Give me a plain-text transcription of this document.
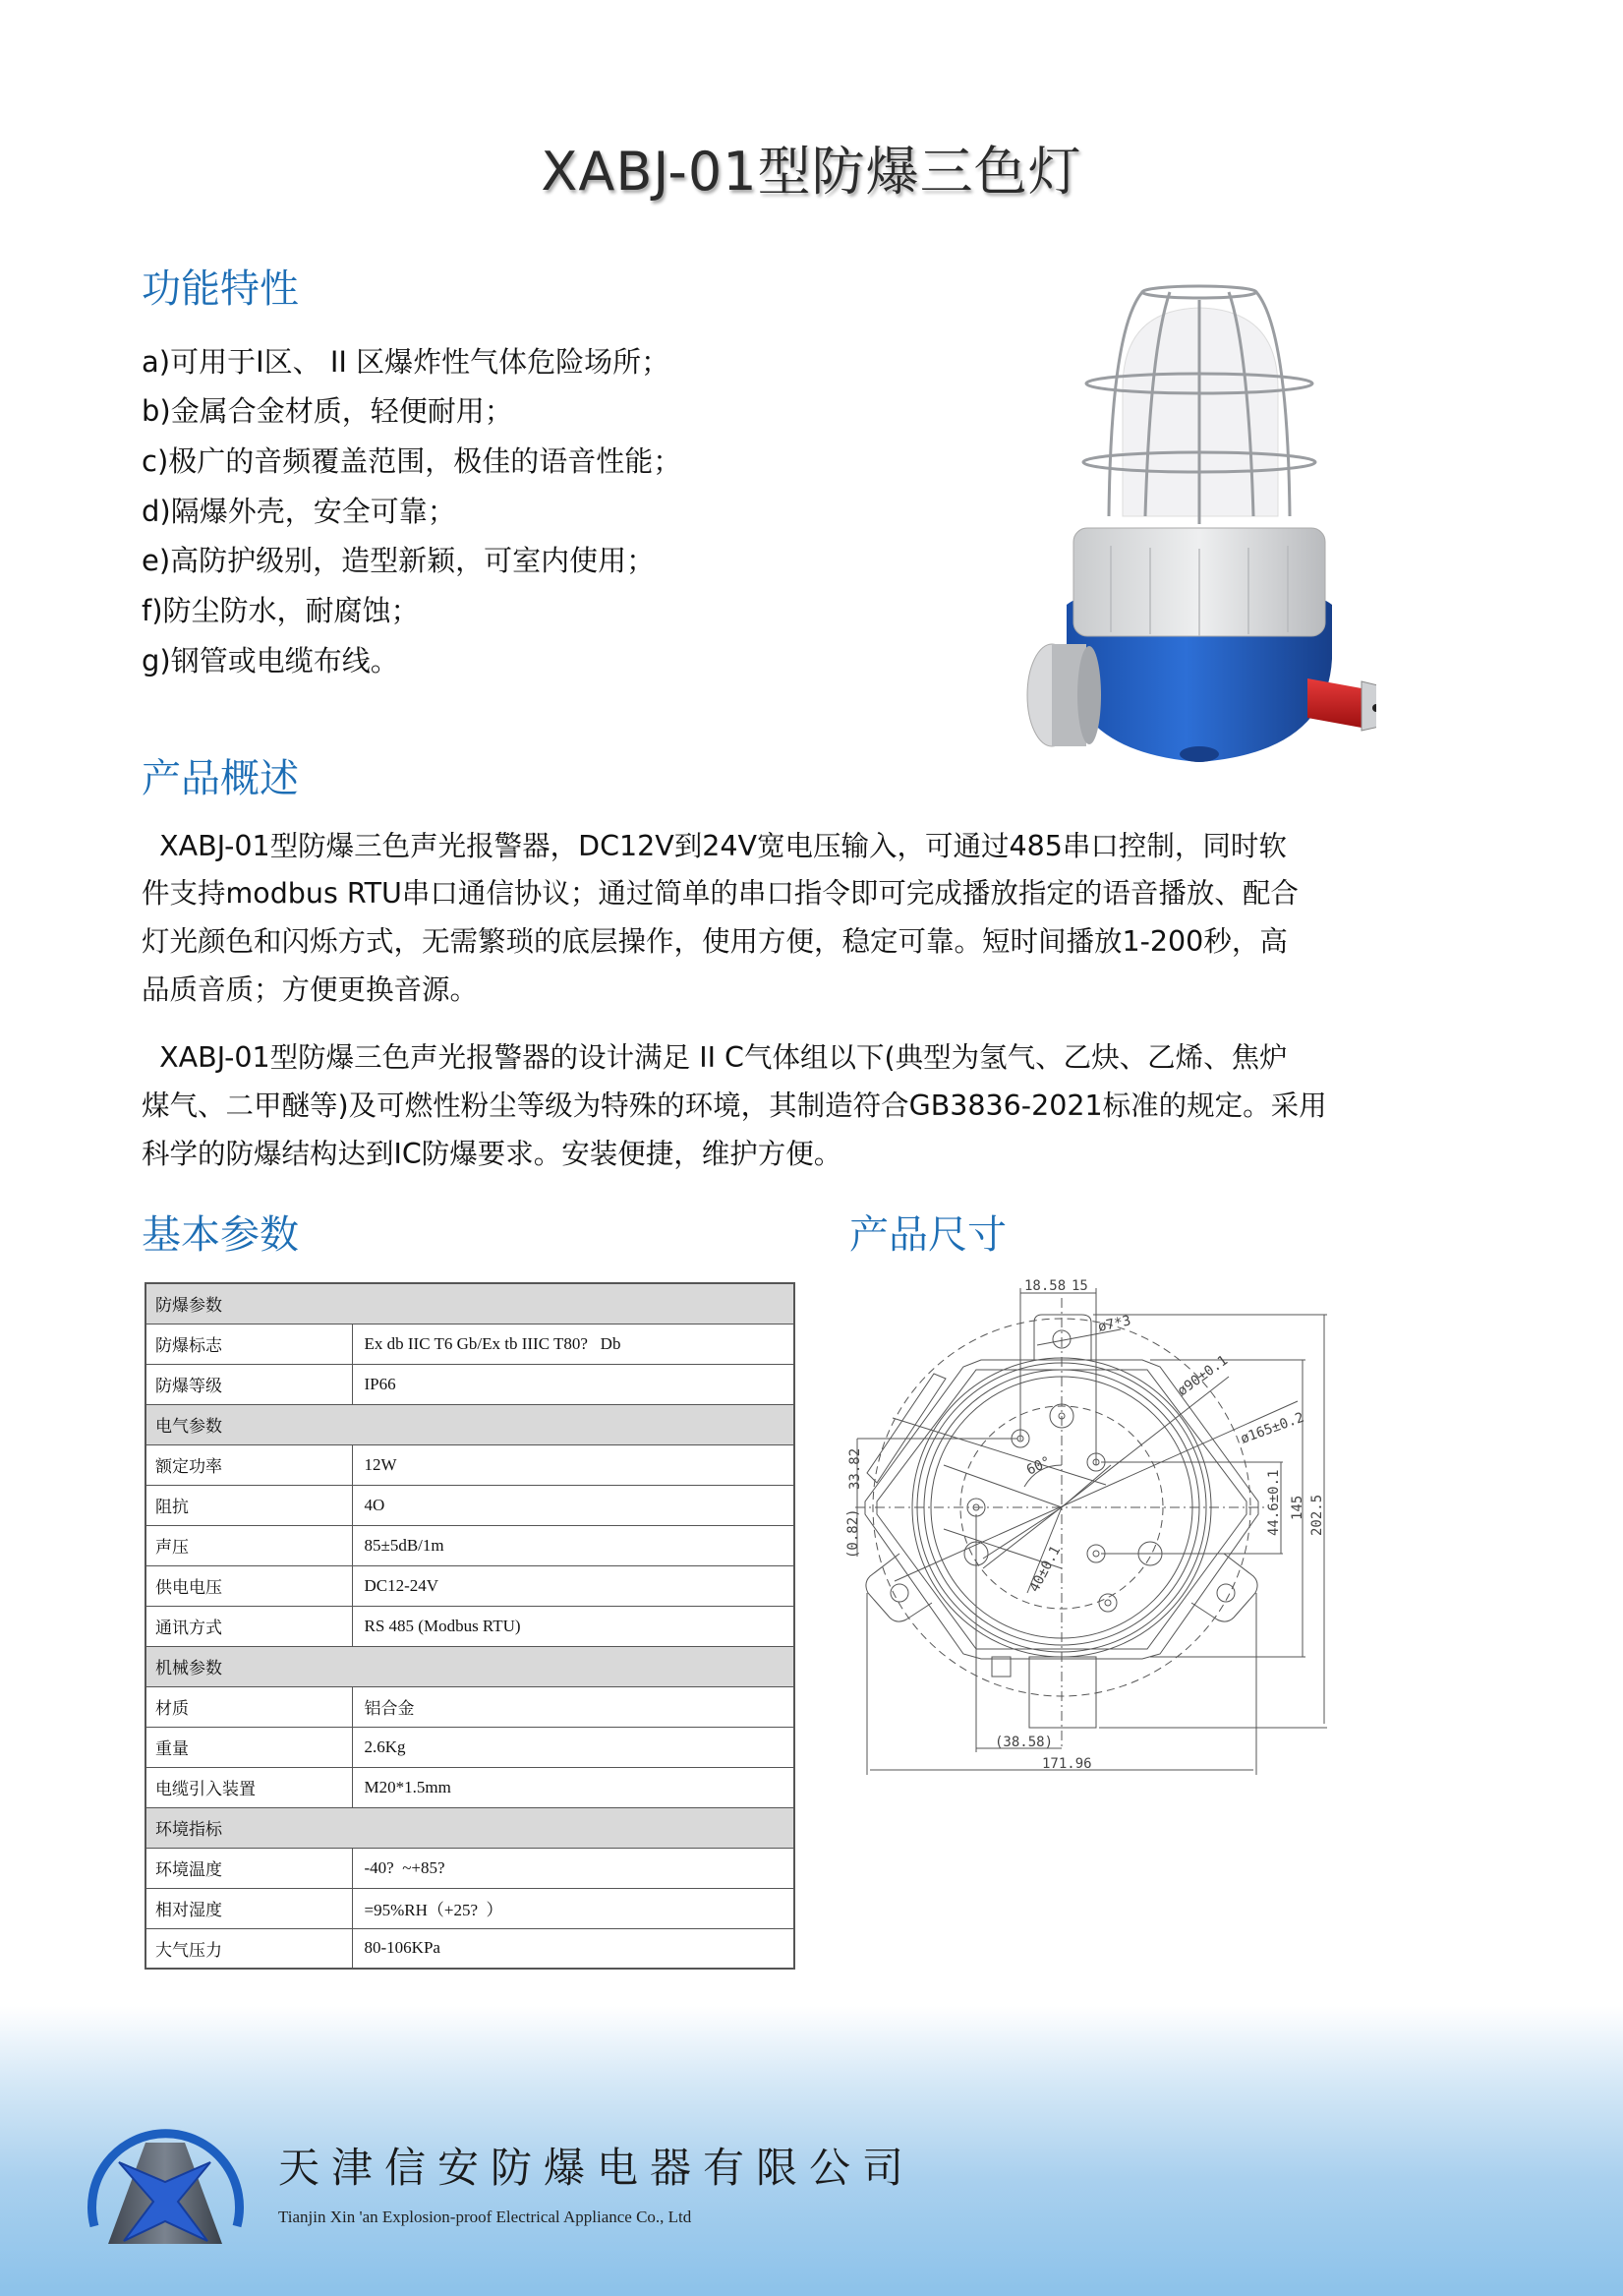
XABJ-01型防爆三色灯
功能特性
a)可用于I区、 II 区爆炸性气体危险场所；
b)金属合金材质，轻便耐用；
c)极广的音频覆盖范围，极佳的语音性能；
d)隔爆外壳，安全可靠；
e)高防护级别，造型新颖，可室内使用；
f)防尘防水，耐腐蚀；
g)钢管或电缆布线。
产品概述
XABJ-01型防爆三色声光报警器，DC12V到24V宽电压输入，可通过485串口控制，同时软
件支持modbus RTU串口通信协议；通过简单的串口指令即可完成播放指定的语音播放、配合
灯光颜色和闪烁方式，无需繁琐的底层操作，使用方便，稳定可靠。短时间播放1-200秒，高
品质音质；方便更换音源。
XABJ-01型防爆三色声光报警器的设计满足 II C气体组以下(典型为氢气、乙炔、乙烯、焦炉
煤气、二甲醚等)及可燃性粉尘等级为特殊的环境，其制造符合GB3836-2021标准的规定。采用
科学的防爆结构达到IC防爆要求。安装便捷，维护方便。
基本参数	产品尺寸
防爆参数	
防爆标志	Ex db IIC T6 Gb/Ex tb IIIC T80?   Db
防爆等级	IP66
电气参数	
额定功率	12W
阻抗	4O
声压	85±5dB/1m
供电电压	DC12-24V
通讯方式	RS 485 (Modbus RTU)
机械参数	
材质	铝合金
重量	2.6Kg
电缆引入装置	M20*1.5mm
环境指标	
环境温度	-40?  ~+85?
相对湿度	=95%RH（+25?  ）
大气压力	80-106KPa
18.58 15
ø7*3
ø90±0.1
ø165±0.2
60°
33.82
(0.82)	44.6±0.1 145 202.5
40±0.1
(38.58)
171.96
天津信安防爆电器有限公司
Tianjin Xin 'an Explosion-proof Electrical Appliance Co., Ltd
